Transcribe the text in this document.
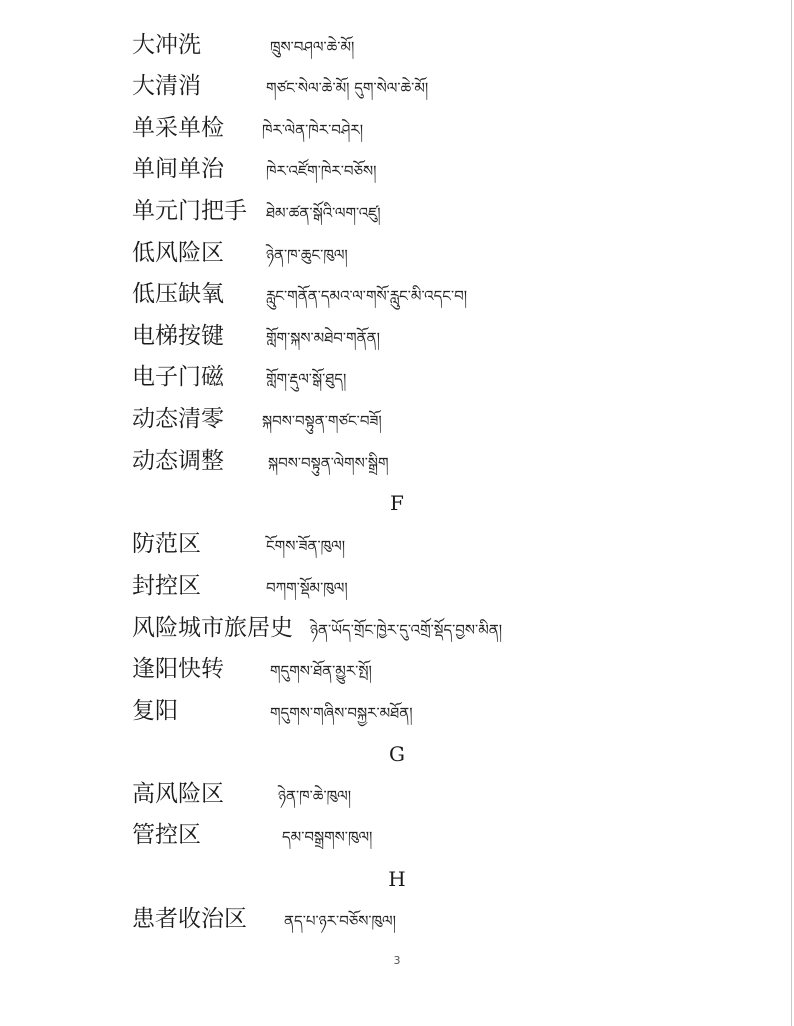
大冲洗	ཁྲུས་བཤལ་ཆེ་མོ།
大清消	གཙང་སེལ་ཆེ་མོ། དུག་སེལ་ཆེ་མོ།
单采单检	ཁེར་ལེན་ཁེར་བཤེར།
单间单治	ཁེར་འཛོག་ཁེར་བཅོས།
单元门把手 ཐེམ་ཚན་སྒོའི་ལག་འཛུ།
低风险区	ཉེན་ཁ་ཆུང་ཁུལ།
低压缺氧	རླུང་གནོན་དམའ་ལ་གསོ་རླུང་མི་འདང་བ།
电梯按键	གློག་སྐས་མཐེབ་གནོན།
电子门磁	གློག་རྡུལ་སྒོ་ཐུད།
动态清零	སྐབས་བསྟུན་གཙང་བཟོ།
动态调整	སྐབས་བསྟུན་ལེགས་སྒྲིག
F
防范区	ངོགས་ཟོན་ཁུལ།
封控区	བཀག་སྡོམ་ཁུལ།
风险城市旅居史 ཉེན་ཡོད་གྲོང་ཁྱེར་དུ་འགྲོ་སྡོད་བྱས་མིན།
逢阳快转	གདུགས་ཐོན་མྱུར་སྤོ།
复阳	གདུགས་གཞིས་བསྐྱར་མཐོན།
G
高风险区	ཉེན་ཁ་ཆེ་ཁུལ།
管控区	དམ་བསྒྲགས་ཁུལ།
H
患者收治区 ནད་པ་ཉར་བཅོས་ཁུལ།
3
